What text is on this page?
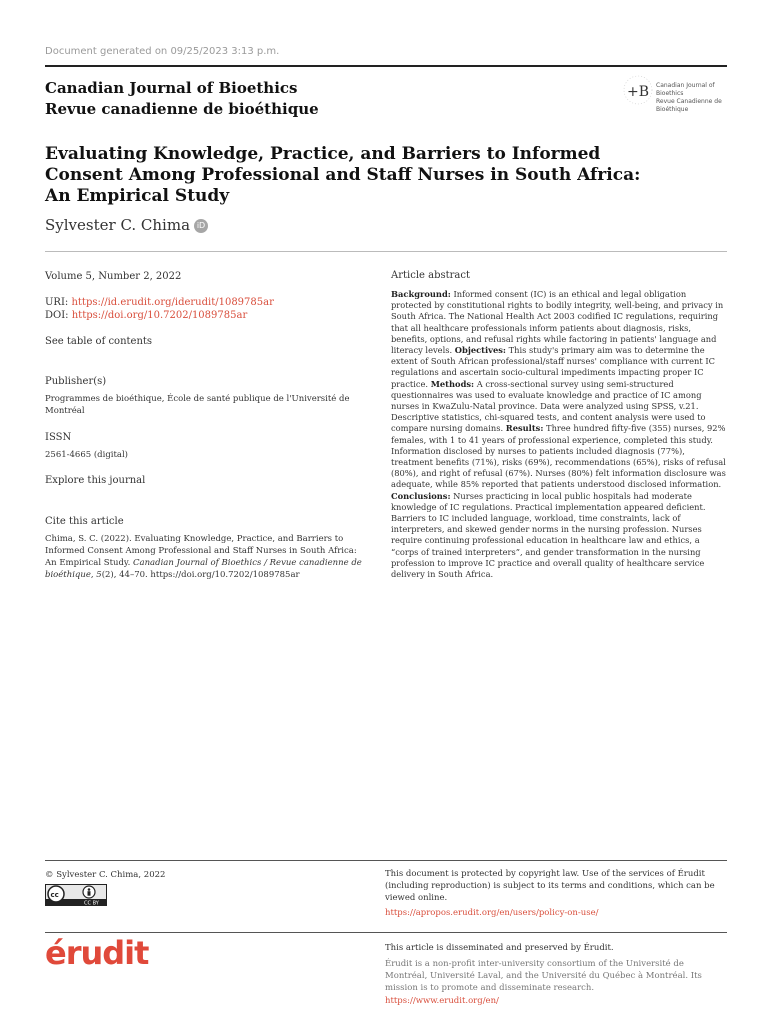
Document generated on 09/25/2023 3:13 p.m.
Canadian Journal of Bioethics
Revue canadienne de bioéthique
+B Canadian Journal of Bioethics
Revue Canadienne de Bioéthique
Evaluating Knowledge, Practice, and Barriers to Informed
Consent Among Professional and Staff Nurses in South Africa:
An Empirical Study
Sylvester C. Chima iD
Volume 5, Number 2, 2022
URI: https://id.erudit.org/iderudit/1089785ar
DOI: https://doi.org/10.7202/1089785ar
See table of contents
Publisher(s)
Programmes de bioéthique, École de santé publique de l'Université de Montréal
ISSN
2561-4665 (digital)
Explore this journal
Cite this article
Chima, S. C. (2022). Evaluating Knowledge, Practice, and Barriers to Informed Consent Among Professional and Staff Nurses in South Africa: An Empirical Study. Canadian Journal of Bioethics / Revue canadienne de bioéthique, 5(2), 44–70. https://doi.org/10.7202/1089785ar
Article abstract
Background: Informed consent (IC) is an ethical and legal obligation protected by constitutional rights to bodily integrity, well-being, and privacy in South Africa. The National Health Act 2003 codified IC regulations, requiring that all healthcare professionals inform patients about diagnosis, risks, benefits, options, and refusal rights while factoring in patients' language and literacy levels. Objectives: This study's primary aim was to determine the extent of South African professional/staff nurses' compliance with current IC regulations and ascertain socio-cultural impediments impacting proper IC practice. Methods: A cross-sectional survey using semi-structured questionnaires was used to evaluate knowledge and practice of IC among nurses in KwaZulu-Natal province. Data were analyzed using SPSS, v.21. Descriptive statistics, chi-squared tests, and content analysis were used to compare nursing domains. Results: Three hundred fifty-five (355) nurses, 92% females, with 1 to 41 years of professional experience, completed this study. Information disclosed by nurses to patients included diagnosis (77%), treatment benefits (71%), risks (69%), recommendations (65%), risks of refusal (80%), and right of refusal (67%). Nurses (80%) felt information disclosure was adequate, while 85% reported that patients understood disclosed information. Conclusions: Nurses practicing in local public hospitals had moderate knowledge of IC regulations. Practical implementation appeared deficient. Barriers to IC included language, workload, time constraints, lack of interpreters, and skewed gender norms in the nursing profession. Nurses require continuing professional education in healthcare law and ethics, a “corps of trained interpreters”, and gender transformation in the nursing profession to improve IC practice and overall quality of healthcare service delivery in South Africa.
© Sylvester C. Chima, 2022
cc
CC BY
This document is protected by copyright law. Use of the services of Érudit (including reproduction) is subject to its terms and conditions, which can be viewed online.
https://apropos.erudit.org/en/users/policy-on-use/
érudit	This article is disseminated and preserved by Érudit.
Érudit is a non-profit inter-university consortium of the Université de Montréal, Université Laval, and the Université du Québec à Montréal. Its mission is to promote and disseminate research.
https://www.erudit.org/en/
